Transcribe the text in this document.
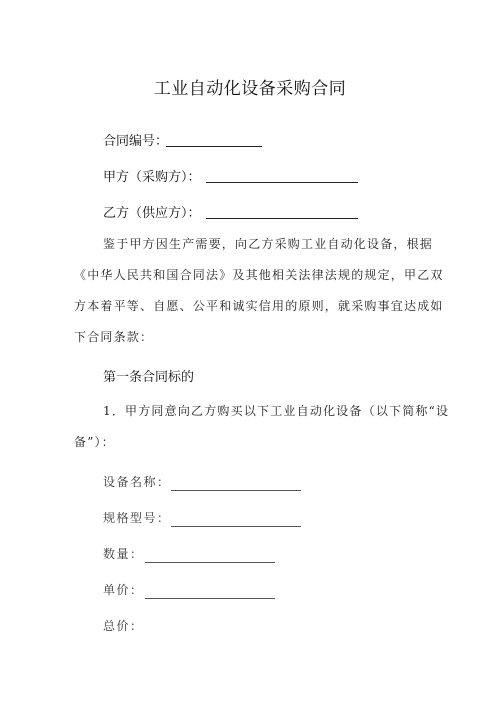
工业自动化设备采购合同
合同编号：
甲方（采购方）：
乙方（供应方）：
鉴于甲方因生产需要，向乙方采购工业自动化设备，根据
《中华人民共和国合同法》及其他相关法律法规的规定，甲乙双
方本着平等、自愿、公平和诚实信用的原则，就采购事宜达成如
下合同条款：
第一条合同标的
1．甲方同意向乙方购买以下工业自动化设备（以下简称“设
备”）：
设备名称：
规格型号：
数量：
单价：
总价：
